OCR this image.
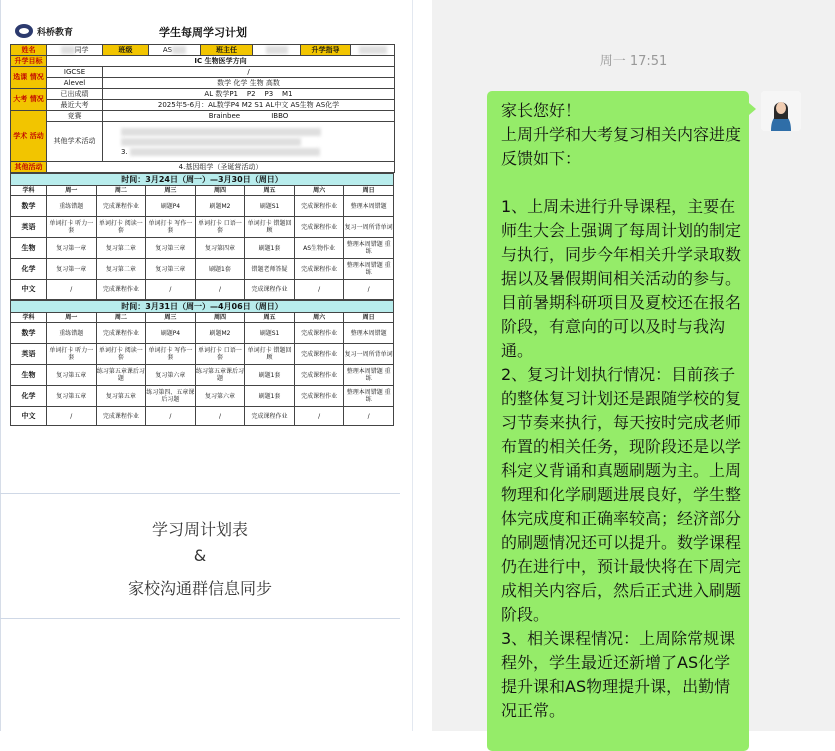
科桥教育	学生每周学习计划
姓名	同学	班级	AS	班主任		升学指导	
升学目标	IC 生物医学方向						
选课 情况	IGCSE	/					
	Alevel	数学 化学 生物 高数					
大考 情况	已出成绩	AL 数学P1    P2    P3    M1					
	最近大考	2025年5-6月：AL数学P4 M2 S1 AL中文 AS生物 AS化学					
学术 活动	竞赛	Brainbee              IBBO					
	其他学术活动	3.					

其他活动	4.基因组学（圣诞营活动）						
时间：3月24日（周一）—3月30日（周日）							
学科	周一	周二	周三	周四	周五	周六	周日
数学	重练错题	完成课程作业	刷题P4	刷题M2	刷题S1	完成课程作业	整理本周错题
英语	单词打卡 听力一套	单词打卡 阅读一套	单词打卡 写作一套	单词打卡 口语一套	单词打卡 错题回顾	完成课程作业	复习一周所背单词
生物	复习第一章	复习第二章	复习第三章	复习第四章	刷题1套	AS生物作业	整理本周错题 重练
化学	复习第一章	复习第二章	复习第三章	刷题1套	错题老师答疑	完成课程作业	整理本周错题 重练
中文	/	完成课程作业	/	/	完成课程作业	/	/
时间：3月31日（周一）—4月06日（周日）							
学科	周一	周二	周三	周四	周五	周六	周日
数学	重练错题	完成课程作业	刷题P4	刷题M2	刷题S1	完成课程作业	整理本周错题
英语	单词打卡 听力一套	单词打卡 阅读一套	单词打卡 写作一套	单词打卡 口语一套	单词打卡 错题回顾	完成课程作业	复习一周所背单词
生物	复习第五章	练习第五章课后习题	复习第六章	练习第五章课后习题	刷题1套	完成课程作业	整理本周错题 重练
化学	复习第五章	复习第五章	练习第四、五章课后习题	复习第六章	刷题1套	完成课程作业	整理本周错题 重练
中文	/	完成课程作业	/	/	完成课程作业	/	/
学习周计划表
&
家校沟通群信息同步
周一 17:51
家长您好！
上周升学和大考复习相关内容进度反馈如下：

1、上周未进行升导课程，主要在师生大会上强调了每周计划的制定与执行，同步今年相关升学录取数据以及暑假期间相关活动的参与。目前暑期科研项目及夏校还在报名阶段，有意向的可以及时与我沟通。
2、复习计划执行情况：目前孩子的整体复习计划还是跟随学校的复习节奏来执行，每天按时完成老师布置的相关任务，现阶段还是以学科定义背诵和真题刷题为主。上周物理和化学刷题进展良好，学生整体完成度和正确率较高；经济部分的刷题情况还可以提升。数学课程仍在进行中，预计最快将在下周完成相关内容后，然后正式进入刷题阶段。
3、相关课程情况：上周除常规课程外，学生最近还新增了AS化学提升课和AS物理提升课，出勤情况正常。
